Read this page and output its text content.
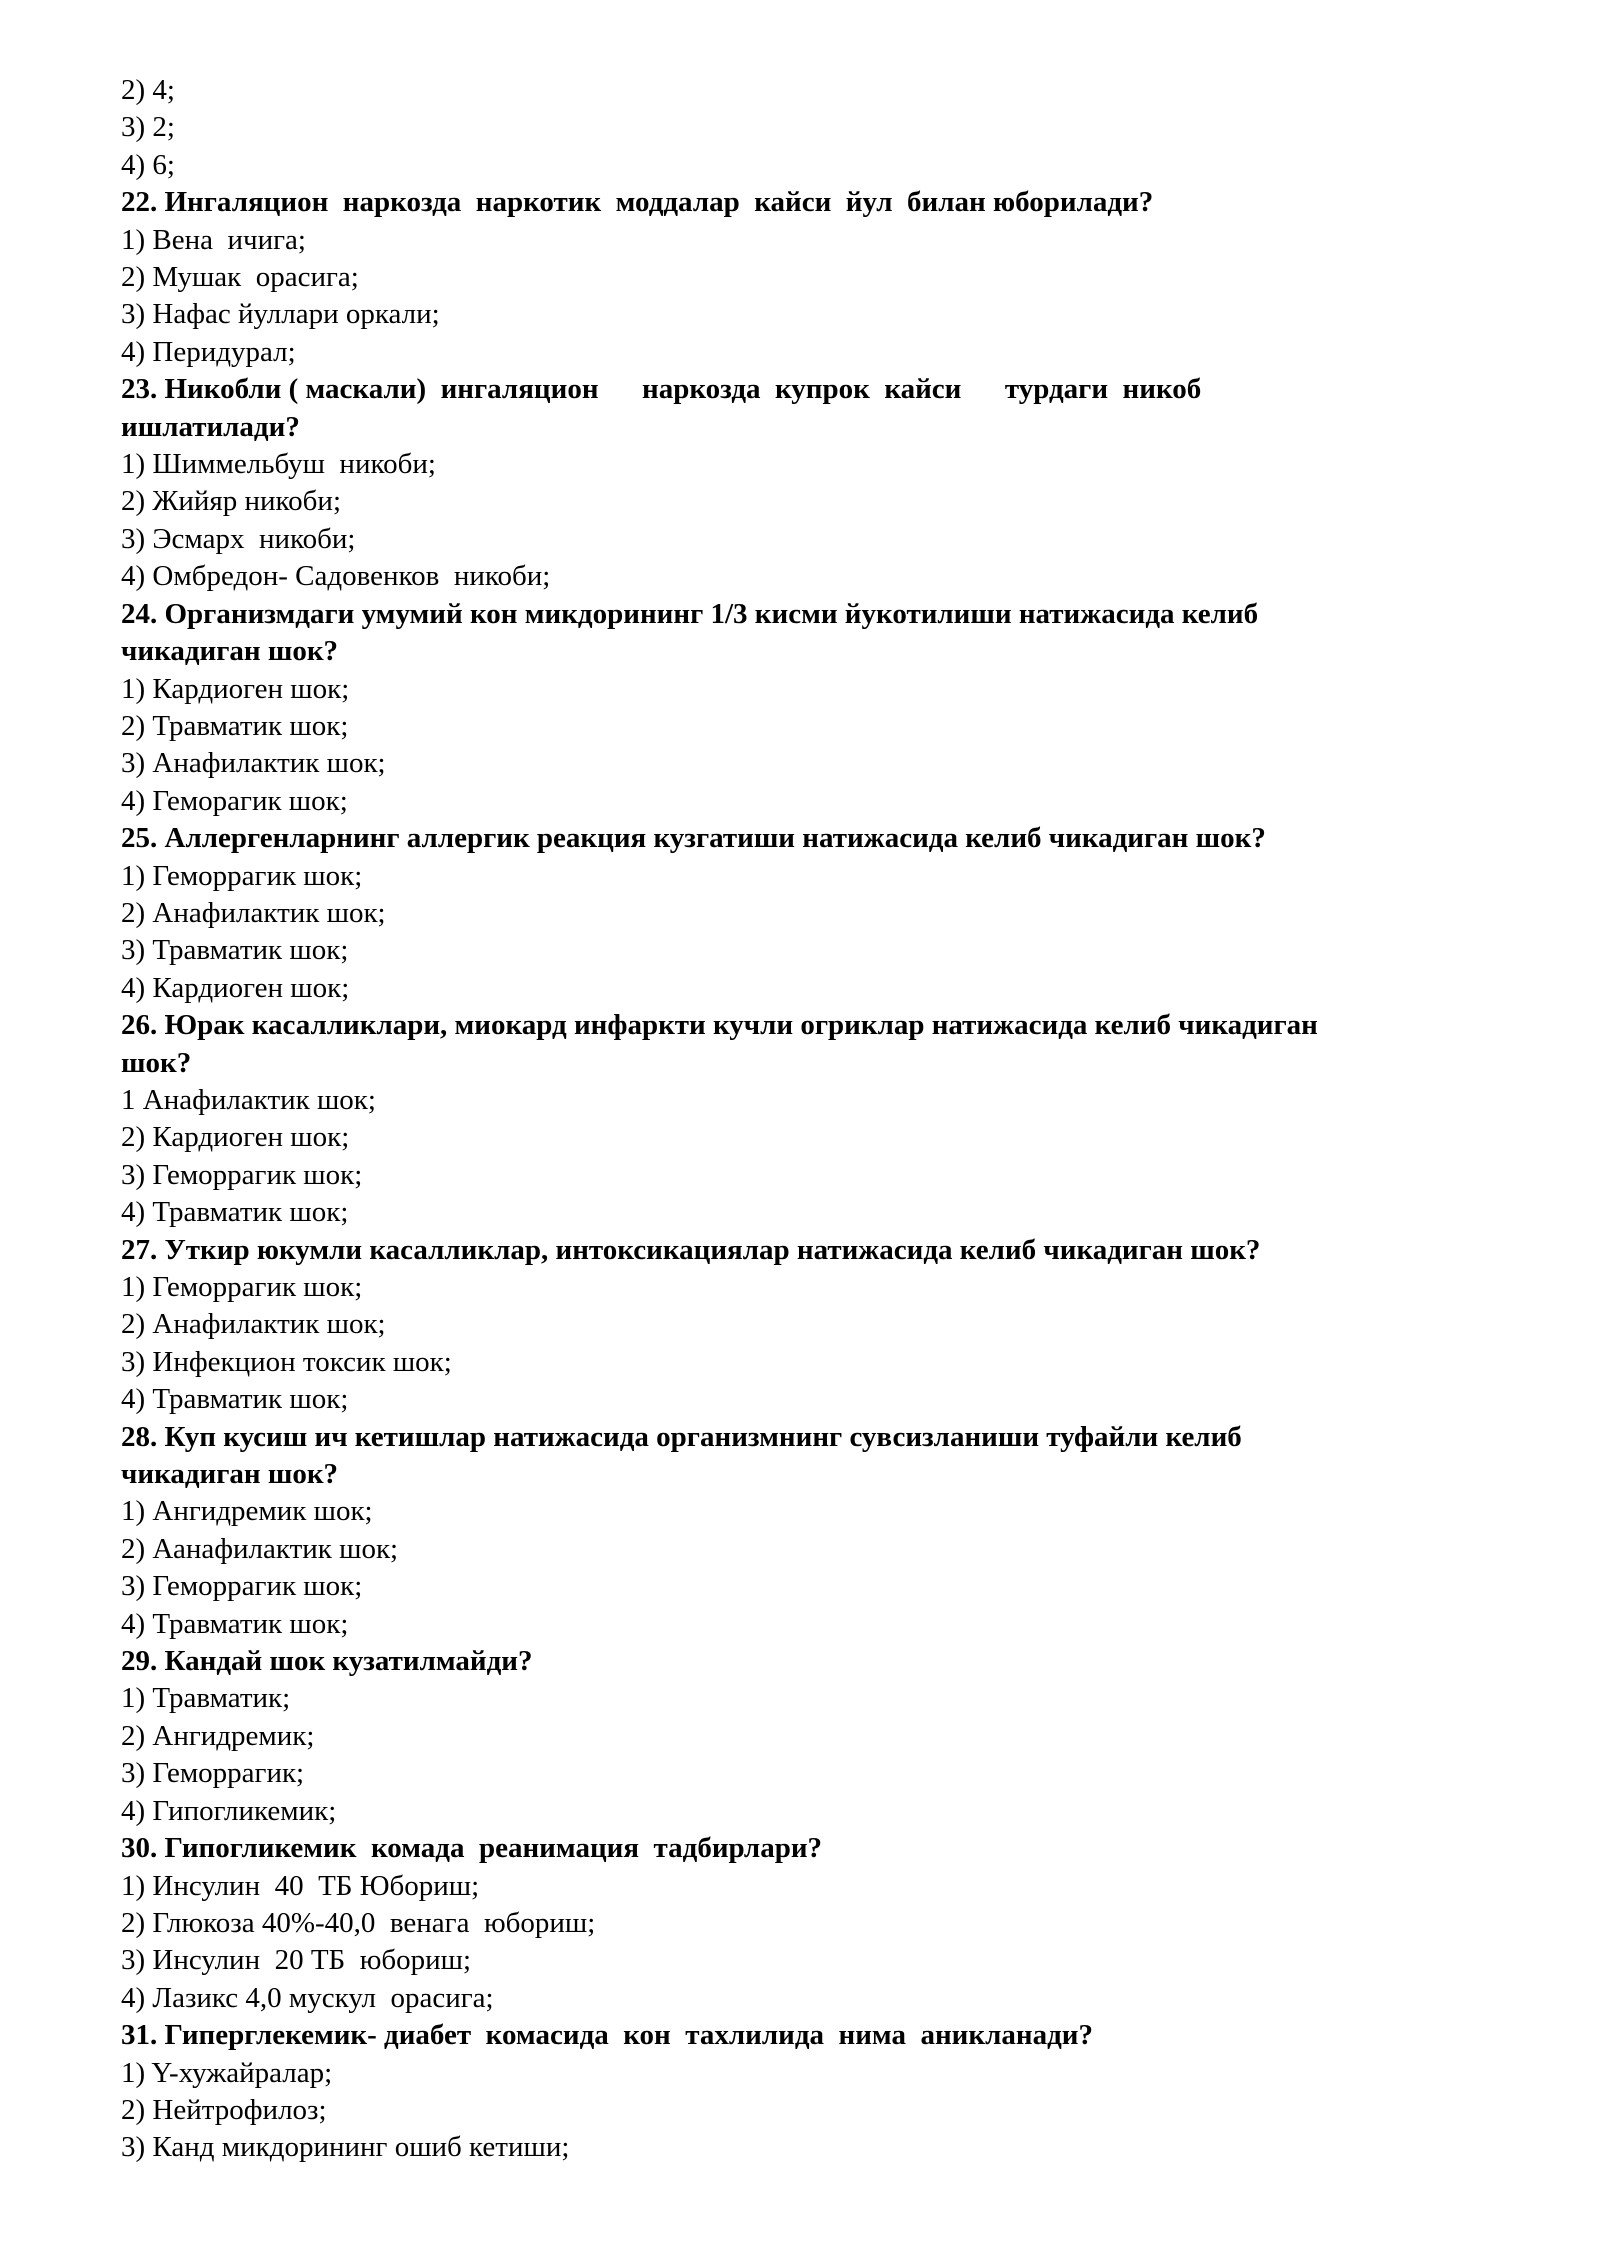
2) 4;
3) 2;
4) 6;
22. Ингаляцион  наркозда  наркотик  моддалар  кайси  йул  билан юборилади?
1) Вена  ичига;
2) Мушак  орасига;
3) Нафас йуллари оркали;
4) Перидурал;
23. Никобли ( маскали)  ингаляцион      наркозда  купрок  кайси      турдаги  никоб
ишлатилади?
1) Шиммельбуш  никоби;
2) Жийяр никоби;
3) Эсмарх  никоби;
4) Омбредон- Садовенков  никоби;
24. Организмдаги умумий кон микдорининг 1/3 кисми йукотилиши натижасида келиб
чикадиган шок?
1) Кардиоген шок;
2) Травматик шок;
3) Анафилактик шок;
4) Геморагик шок;
25. Аллергенларнинг аллергик реакция кузгатиши натижасида келиб чикадиган шок?
1) Геморрагик шок;
2) Анафилактик шок;
3) Травматик шок;
4) Кардиоген шок;
26. Юрак касалликлари, миокард инфаркти кучли огриклар натижасида келиб чикадиган
шок?
1 Анафилактик шок;
2) Кардиоген шок;
3) Геморрагик шок;
4) Травматик шок;
27. Уткир юкумли касалликлар, интоксикациялар натижасида келиб чикадиган шок?
1) Геморрагик шок;
2) Анафилактик шок;
3) Инфекцион токсик шок;
4) Травматик шок;
28. Куп кусиш ич кетишлар натижасида организмнинг сувсизланиши туфайли келиб
чикадиган шок?
1) Ангидремик шок;
2) Аанафилактик шок;
3) Геморрагик шок;
4) Травматик шок;
29. Кандай шок кузатилмайди?
1) Травматик;
2) Ангидремик;
3) Геморрагик;
4) Гипогликемик;
30. Гипогликемик  комада  реанимация  тадбирлари?
1) Инсулин  40  ТБ Юбориш;
2) Глюкоза 40%-40,0  венага  юбориш;
3) Инсулин  20 ТБ  юбориш;
4) Лазикс 4,0 мускул  орасига;
31. Гиперглекемик- диабет  комасида  кон  тахлилида  нима  аникланади?
1) Y-хужайралар;
2) Нейтрофилоз;
3) Канд микдорининг ошиб кетиши;
